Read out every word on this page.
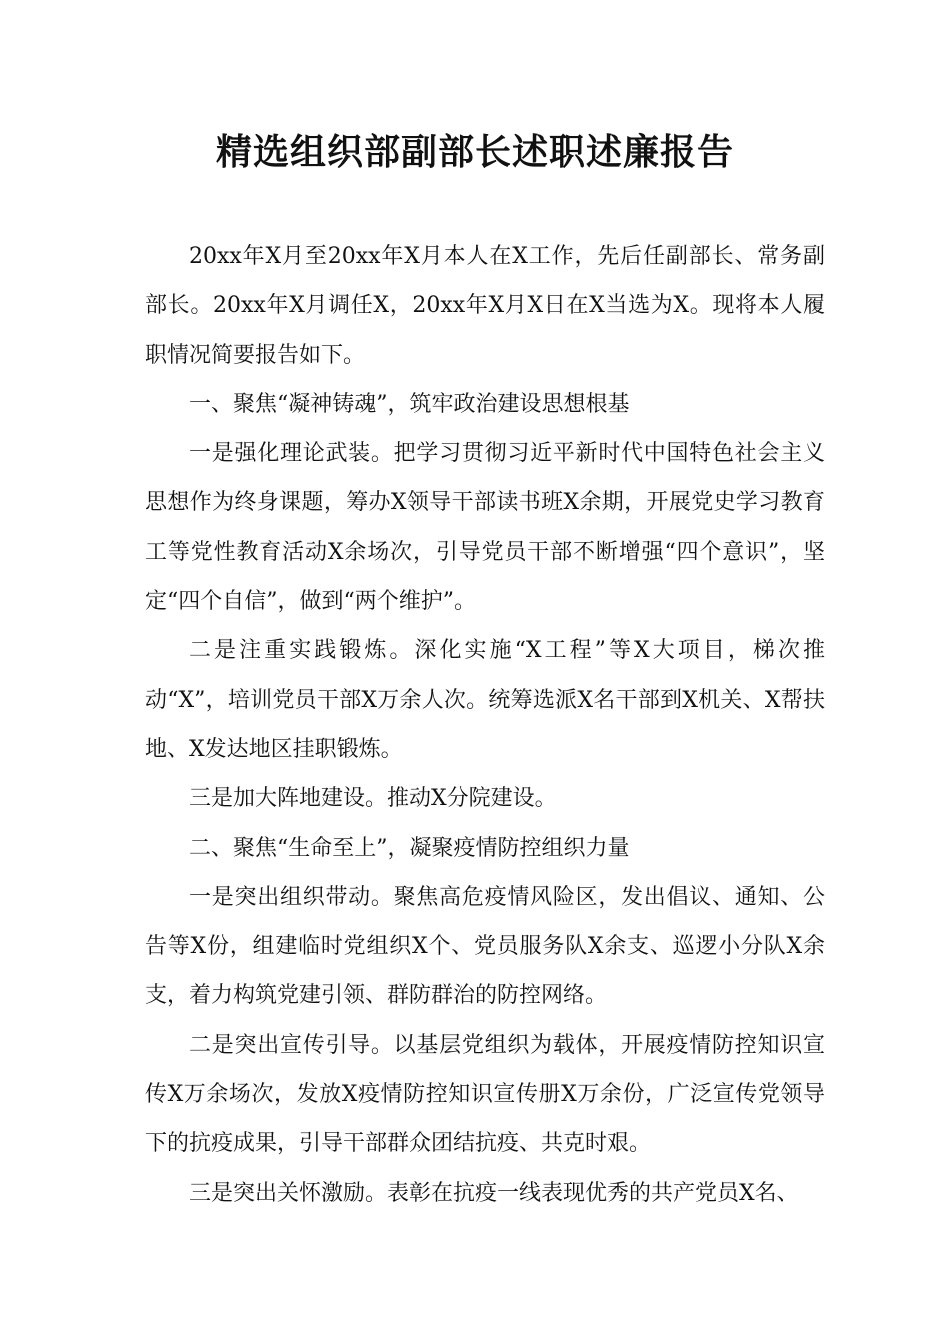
精选组织部副部长述职述廉报告

20xx年X月至20xx年X月本人在X工作，先后任副部长、常务副部长。20xx年X月调任X，20xx年X月X日在X当选为X。现将本人履职情况简要报告如下。

一、聚焦“凝神铸魂”，筑牢政治建设思想根基

一是强化理论武装。把学习贯彻习近平新时代中国特色社会主义思想作为终身课题，筹办X领导干部读书班X余期，开展党史学习教育工等党性教育活动X余场次，引导党员干部不断增强“四个意识”，坚定“四个自信”，做到“两个维护”。

二是注重实践锻炼。深化实施“X工程”等X大项目，梯次推动“X”，培训党员干部X万余人次。统筹选派X名干部到X机关、X帮扶地、X发达地区挂职锻炼。

三是加大阵地建设。推动X分院建设。

二、聚焦“生命至上”，凝聚疫情防控组织力量

一是突出组织带动。聚焦高危疫情风险区，发出倡议、通知、公告等X份，组建临时党组织X个、党员服务队X余支、巡逻小分队X余支，着力构筑党建引领、群防群治的防控网络。

二是突出宣传引导。以基层党组织为载体，开展疫情防控知识宣传X万余场次，发放X疫情防控知识宣传册X万余份，广泛宣传党领导下的抗疫成果，引导干部群众团结抗疫、共克时艰。

三是突出关怀激励。表彰在抗疫一线表现优秀的共产党员X名、
